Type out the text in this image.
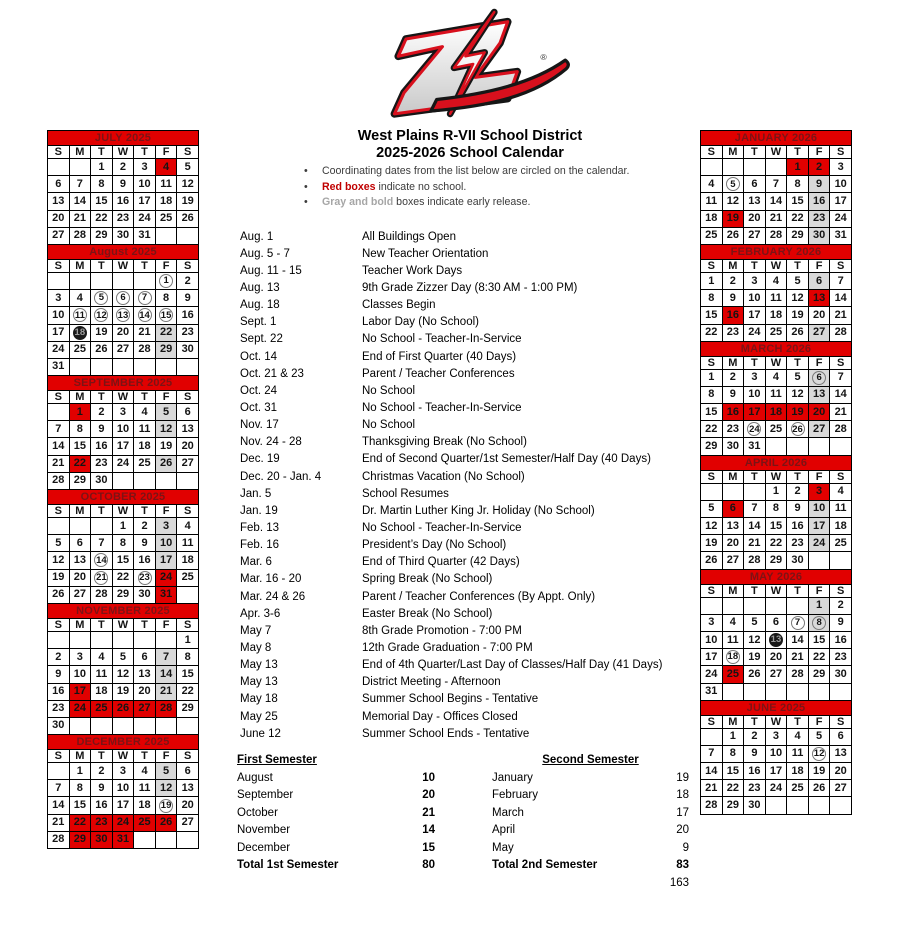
®
West Plains R-VII School District
2025-2026 School Calendar
• Coordinating dates from the list below are circled on the calendar.
• Red boxes indicate no school.
• Gray and bold boxes indicate early release.
Aug. 1	All Buildings Open
Aug. 5 - 7	New Teacher Orientation
Aug. 11 - 15	Teacher Work Days
Aug. 13	9th Grade Zizzer Day (8:30 AM - 1:00 PM)
Aug. 18	Classes Begin
Sept. 1	Labor Day (No School)
Sept. 22	No School - Teacher-In-Service
Oct. 14	End of First Quarter (40 Days)
Oct. 21 & 23	Parent / Teacher Conferences
Oct. 24	No School
Oct. 31	No School - Teacher-In-Service
Nov. 17	No School
Nov. 24 - 28	Thanksgiving Break (No School)
Dec. 19	End of Second Quarter/1st Semester/Half Day (40 Days)
Dec. 20 - Jan. 4	Christmas Vacation (No School)
Jan. 5	School Resumes
Jan. 19	Dr. Martin Luther King Jr. Holiday (No School)
Feb. 13	No School - Teacher-In-Service
Feb. 16	President’s Day (No School)
Mar. 6	End of Third Quarter (42 Days)
Mar. 16 - 20	Spring Break (No School)
Mar. 24 & 26	Parent / Teacher Conferences (By Appt. Only)
Apr. 3-6	Easter Break (No School)
May 7	8th Grade Promotion - 7:00 PM
May 8	12th Grade Graduation - 7:00 PM
May 13	End of 4th Quarter/Last Day of Classes/Half Day (41 Days)
May 13	District Meeting - Afternoon
May 18	Summer School Begins - Tentative
May 25	Memorial Day - Offices Closed
June 12	Summer School Ends - Tentative
JULY 2025						
S	M	T	W	T	F	S
		1	2	3	4	5
6	7	8	9	10	11	12
13	14	15	16	17	18	19
20	21	22	23	24	25	26
27	28	29	30	31		
August 2025						
S	M	T	W	T	F	S
					1	2
3	4	5	6	7	8	9
10	11	12	13	14	15	16
17	18	19	20	21	22	23
24	25	26	27	28	29	30
31						
SEPTEMBER 2025						
S	M	T	W	T	F	S
	1	2	3	4	5	6
7	8	9	10	11	12	13
14	15	16	17	18	19	20
21	22	23	24	25	26	27
28	29	30				
OCTOBER 2025						
S	M	T	W	T	F	S
			1	2	3	4
5	6	7	8	9	10	11
12	13	14	15	16	17	18
19	20	21	22	23	24	25
26	27	28	29	30	31	
NOVEMBER 2025						
S	M	T	W	T	F	S
						1
2	3	4	5	6	7	8
9	10	11	12	13	14	15
16	17	18	19	20	21	22
23	24	25	26	27	28	29
30						
DECEMBER 2025						
S	M	T	W	T	F	S
	1	2	3	4	5	6
7	8	9	10	11	12	13
14	15	16	17	18	19	20
21	22	23	24	25	26	27
28	29	30	31			
JANUARY 2026						
S	M	T	W	T	F	S
				1	2	3
4	5	6	7	8	9	10
11	12	13	14	15	16	17
18	19	20	21	22	23	24
25	26	27	28	29	30	31
FEBRUARY 2026						
S	M	T	W	T	F	S
1	2	3	4	5	6	7
8	9	10	11	12	13	14
15	16	17	18	19	20	21
22	23	24	25	26	27	28
MARCH 2026						
S	M	T	W	T	F	S
1	2	3	4	5	6	7
8	9	10	11	12	13	14
15	16	17	18	19	20	21
22	23	24	25	26	27	28
29	30	31				
APRIL 2026						
S	M	T	W	T	F	S
			1	2	3	4
5	6	7	8	9	10	11
12	13	14	15	16	17	18
19	20	21	22	23	24	25
26	27	28	29	30		
MAY 2026						
S	M	T	W	T	F	S
					1	2
3	4	5	6	7	8	9
10	11	12	13	14	15	16
17	18	19	20	21	22	23
24	25	26	27	28	29	30
31						
JUNE 2025						
S	M	T	W	T	F	S
	1	2	3	4	5	6
7	8	9	10	11	12	13
14	15	16	17	18	19	20
21	22	23	24	25	26	27
28	29	30				
First Semester	Second Semester
August	10
September	20
October	21
November	14
December	15
January	19
February	18
March	17
April	20
May	9
Total 1st Semester	80	Total 2nd Semester	83
163
